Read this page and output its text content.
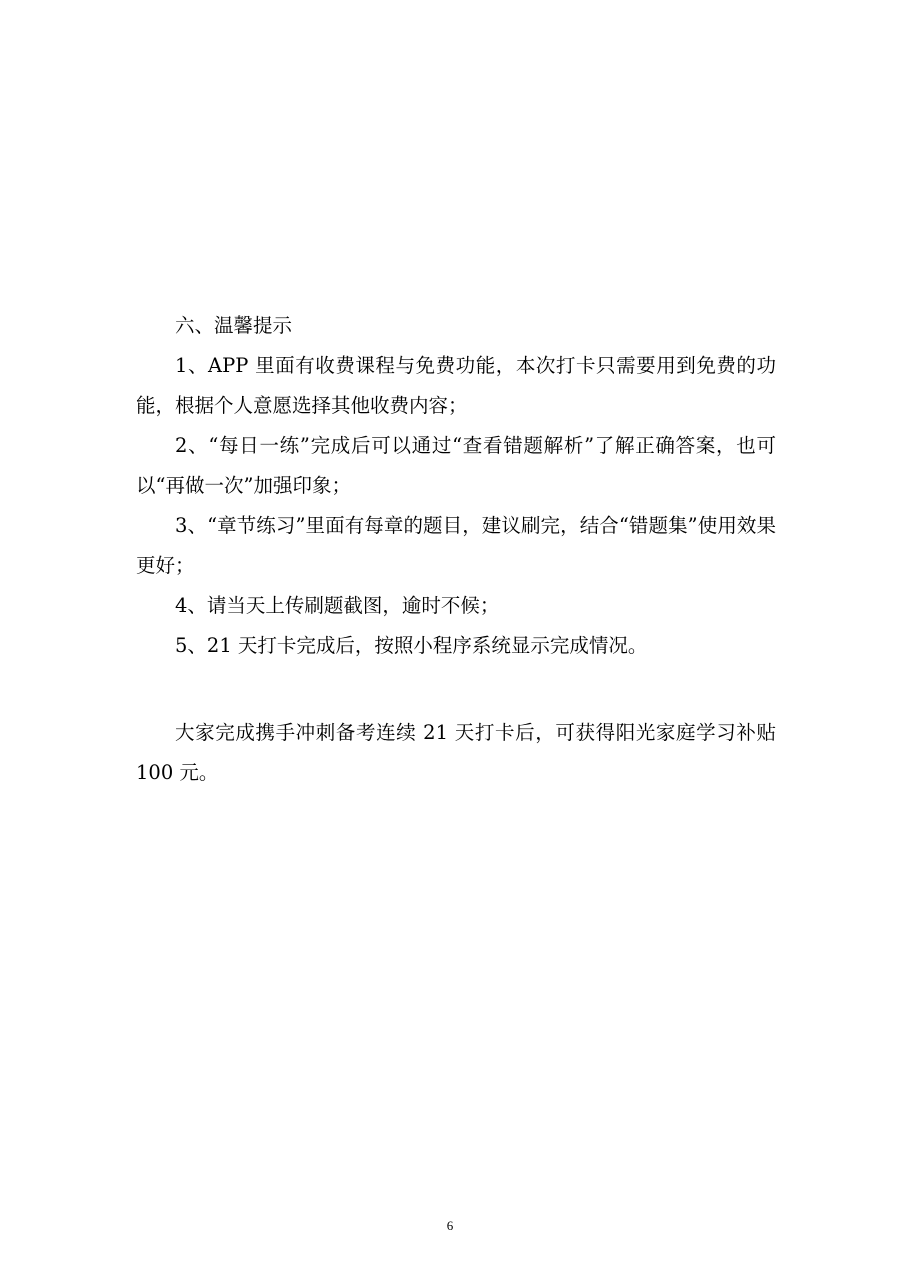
六、温馨提示

1、APP 里面有收费课程与免费功能，本次打卡只需要用到免费的功能，根据个人意愿选择其他收费内容；

2、“每日一练”完成后可以通过“查看错题解析”了解正确答案，也可以“再做一次”加强印象；

3、“章节练习”里面有每章的题目，建议刷完，结合“错题集”使用效果更好；

4、请当天上传刷题截图，逾时不候；

5、21 天打卡完成后，按照小程序系统显示完成情况。

大家完成携手冲刺备考连续 21 天打卡后，可获得阳光家庭学习补贴 100 元。

6
